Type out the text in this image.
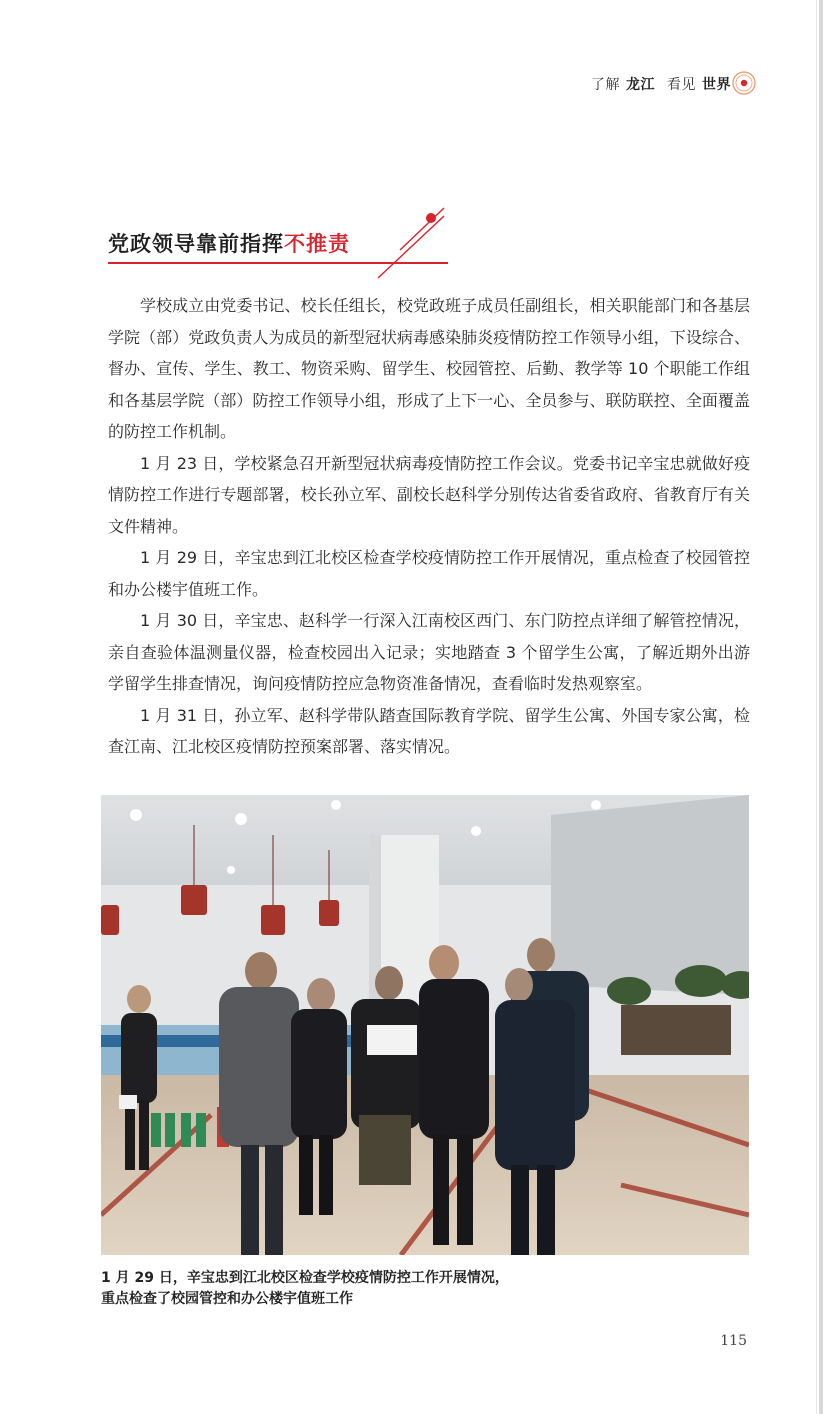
了解 龙江 看见 世界
党政领导靠前指挥不推责

学校成立由党委书记、校长任组长，校党政班子成员任副组长，相关职能部门和各基层学院（部）党政负责人为成员的新型冠状病毒感染肺炎疫情防控工作领导小组，下设综合、督办、宣传、学生、教工、物资采购、留学生、校园管控、后勤、教学等 10 个职能工作组和各基层学院（部）防控工作领导小组，形成了上下一心、全员参与、联防联控、全面覆盖的防控工作机制。

1 月 23 日，学校紧急召开新型冠状病毒疫情防控工作会议。党委书记辛宝忠就做好疫情防控工作进行专题部署，校长孙立军、副校长赵科学分别传达省委省政府、省教育厅有关文件精神。

1 月 29 日，辛宝忠到江北校区检查学校疫情防控工作开展情况，重点检查了校园管控和办公楼宇值班工作。

1 月 30 日，辛宝忠、赵科学一行深入江南校区西门、东门防控点详细了解管控情况，亲自查验体温测量仪器，检查校园出入记录；实地踏查 3 个留学生公寓，了解近期外出游学留学生排查情况，询问疫情防控应急物资准备情况，查看临时发热观察室。

1 月 31 日，孙立军、赵科学带队踏查国际教育学院、留学生公寓、外国专家公寓，检查江南、江北校区疫情防控预案部署、落实情况。

1 月 29 日，辛宝忠到江北校区检查学校疫情防控工作开展情况，
重点检查了校园管控和办公楼宇值班工作
115
